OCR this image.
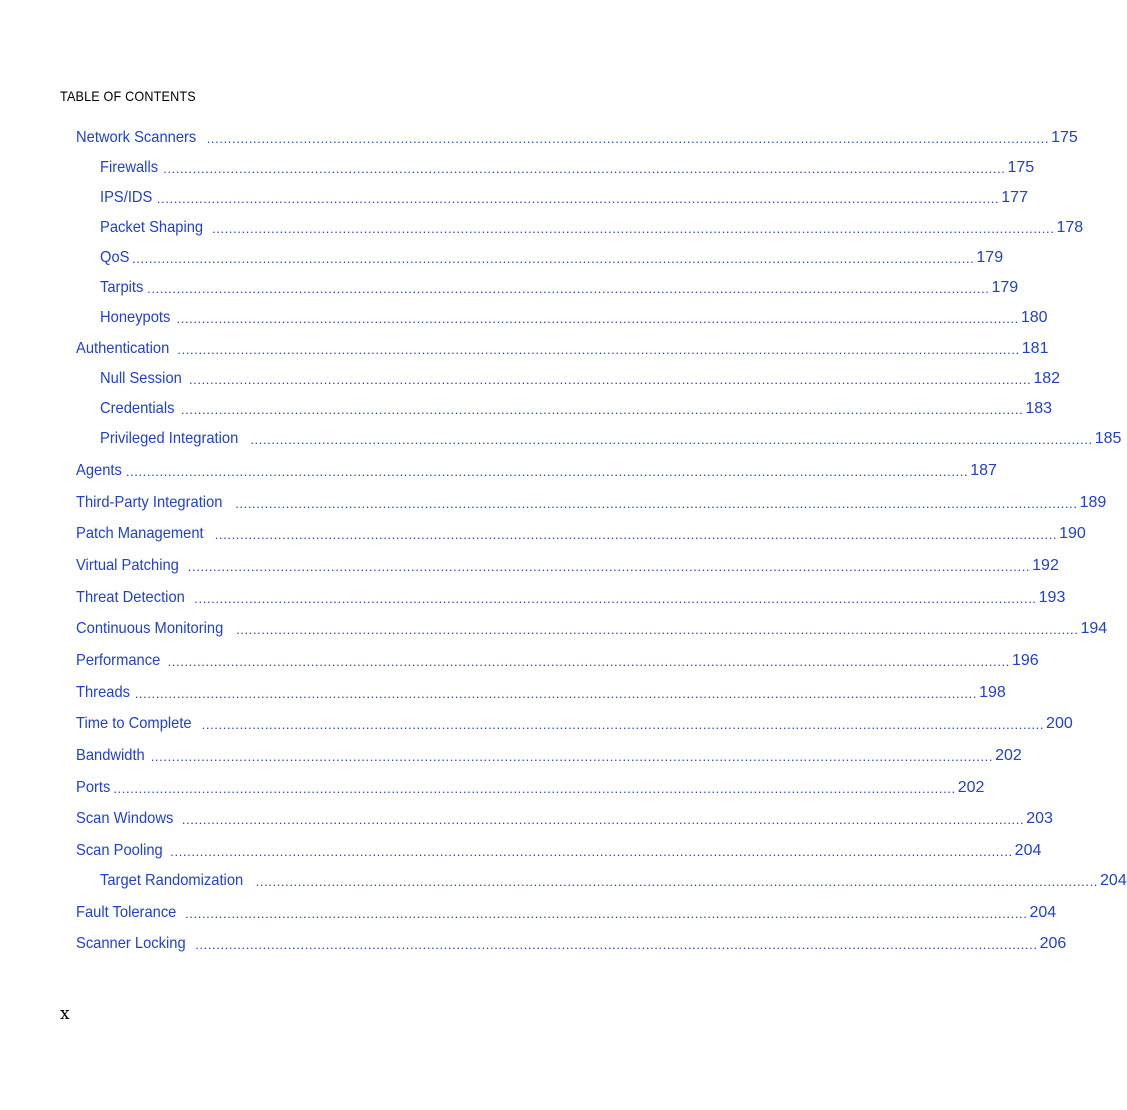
TABLE OF CONTENTS
Network Scanners ........................................................................................................................................................................................................ 175
Firewalls ........................................................................................................................................................................................................ 175
IPS/IDS ........................................................................................................................................................................................................ 177
Packet Shaping ........................................................................................................................................................................................................ 178
QoS ........................................................................................................................................................................................................ 179
Tarpits ........................................................................................................................................................................................................ 179
Honeypots ........................................................................................................................................................................................................ 180
Authentication ........................................................................................................................................................................................................ 181
Null Session ........................................................................................................................................................................................................ 182
Credentials ........................................................................................................................................................................................................ 183
Privileged Integration ........................................................................................................................................................................................................ 185
Agents ........................................................................................................................................................................................................ 187
Third-Party Integration ........................................................................................................................................................................................................ 189
Patch Management ........................................................................................................................................................................................................ 190
Virtual Patching ........................................................................................................................................................................................................ 192
Threat Detection ........................................................................................................................................................................................................ 193
Continuous Monitoring ........................................................................................................................................................................................................ 194
Performance ........................................................................................................................................................................................................ 196
Threads ........................................................................................................................................................................................................ 198
Time to Complete ........................................................................................................................................................................................................ 200
Bandwidth ........................................................................................................................................................................................................ 202
Ports ........................................................................................................................................................................................................ 202
Scan Windows ........................................................................................................................................................................................................ 203
Scan Pooling ........................................................................................................................................................................................................ 204
Target Randomization ........................................................................................................................................................................................................ 204
Fault Tolerance ........................................................................................................................................................................................................ 204
Scanner Locking ........................................................................................................................................................................................................ 206
x
